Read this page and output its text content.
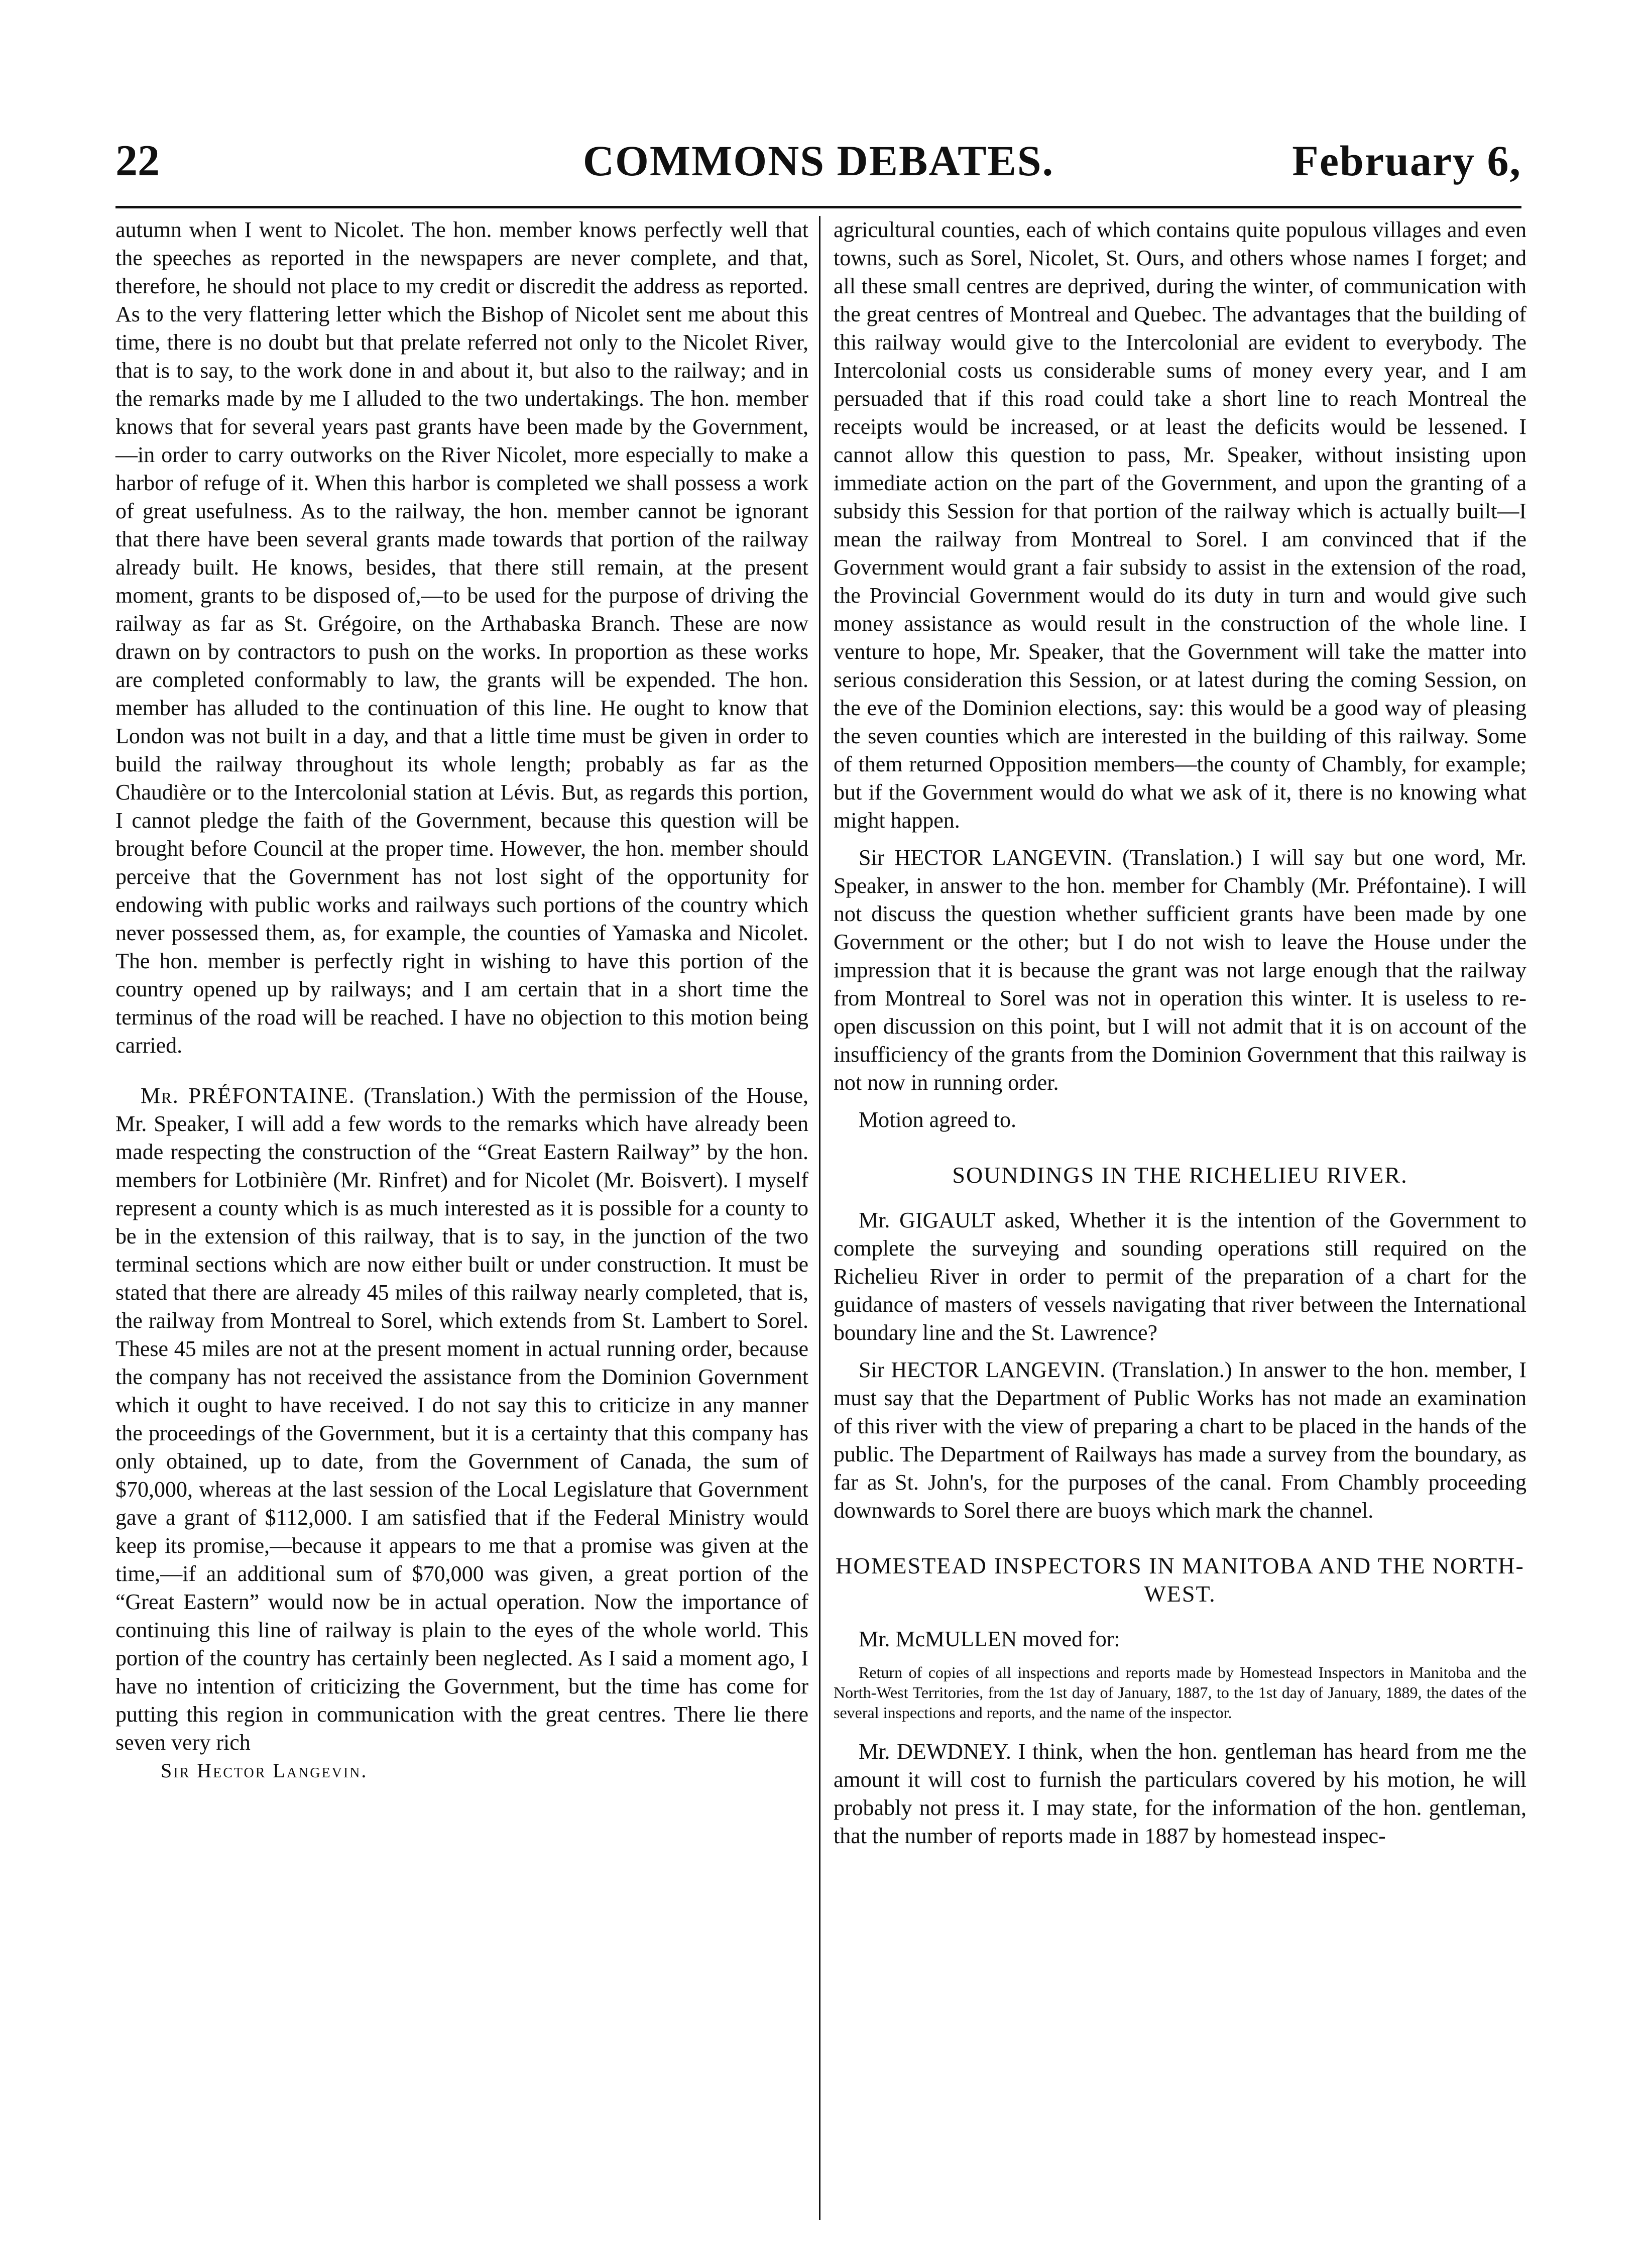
22	COMMONS DEBATES.	February 6,

autumn when I went to Nicolet. The hon. member knows perfectly well that the speeches as reported in the newspapers are never complete, and that, therefore, he should not place to my credit or discredit the address as reported. As to the very flattering letter which the Bishop of Nicolet sent me about this time, there is no doubt but that prelate referred not only to the Nicolet River, that is to say, to the work done in and about it, but also to the railway; and in the remarks made by me I alluded to the two undertakings. The hon. member knows that for several years past grants have been made by the Government,—in order to carry outworks on the River Nicolet, more especially to make a harbor of refuge of it. When this harbor is completed we shall possess a work of great usefulness. As to the railway, the hon. member cannot be ignorant that there have been several grants made towards that portion of the railway already built. He knows, besides, that there still remain, at the present moment, grants to be disposed of,—to be used for the purpose of driving the railway as far as St. Grégoire, on the Arthabaska Branch. These are now drawn on by contractors to push on the works. In proportion as these works are completed conformably to law, the grants will be expended. The hon. member has alluded to the continuation of this line. He ought to know that London was not built in a day, and that a little time must be given in order to build the railway throughout its whole length; probably as far as the Chaudière or to the Intercolonial station at Lévis. But, as regards this portion, I cannot pledge the faith of the Government, because this question will be brought before Council at the proper time. However, the hon. member should perceive that the Government has not lost sight of the opportunity for endowing with public works and railways such portions of the country which never possessed them, as, for example, the counties of Yamaska and Nicolet. The hon. member is perfectly right in wishing to have this portion of the country opened up by railways; and I am certain that in a short time the terminus of the road will be reached. I have no objection to this motion being carried.

Mr. PRÉFONTAINE. (Translation.) With the permission of the House, Mr. Speaker, I will add a few words to the remarks which have already been made respecting the construction of the “Great Eastern Railway” by the hon. members for Lotbinière (Mr. Rinfret) and for Nicolet (Mr. Boisvert). I myself represent a county which is as much interested as it is possible for a county to be in the extension of this railway, that is to say, in the junction of the two terminal sections which are now either built or under construction. It must be stated that there are already 45 miles of this railway nearly completed, that is, the railway from Montreal to Sorel, which extends from St. Lambert to Sorel. These 45 miles are not at the present moment in actual running order, because the company has not received the assistance from the Dominion Government which it ought to have received. I do not say this to criticize in any manner the proceedings of the Government, but it is a certainty that this company has only obtained, up to date, from the Government of Canada, the sum of $70,000, whereas at the last session of the Local Legislature that Government gave a grant of $112,000. I am satisfied that if the Federal Ministry would keep its promise,—because it appears to me that a promise was given at the time,—if an additional sum of $70,000 was given, a great portion of the “Great Eastern” would now be in actual operation. Now the importance of continuing this line of railway is plain to the eyes of the whole world. This portion of the country has certainly been neglected. As I said a moment ago, I have no intention of criticizing the Government, but the time has come for putting this region in communication with the great centres. There lie there seven very rich

Sir Hector Langevin.

agricultural counties, each of which contains quite populous villages and even towns, such as Sorel, Nicolet, St. Ours, and others whose names I forget; and all these small centres are deprived, during the winter, of communication with the great centres of Montreal and Quebec. The advantages that the building of this railway would give to the Intercolonial are evident to everybody. The Intercolonial costs us considerable sums of money every year, and I am persuaded that if this road could take a short line to reach Montreal the receipts would be increased, or at least the deficits would be lessened. I cannot allow this question to pass, Mr. Speaker, without insisting upon immediate action on the part of the Government, and upon the granting of a subsidy this Session for that portion of the railway which is actually built—I mean the railway from Montreal to Sorel. I am convinced that if the Government would grant a fair subsidy to assist in the extension of the road, the Provincial Government would do its duty in turn and would give such money assistance as would result in the construction of the whole line. I venture to hope, Mr. Speaker, that the Government will take the matter into serious consideration this Session, or at latest during the coming Session, on the eve of the Dominion elections, say: this would be a good way of pleasing the seven counties which are interested in the building of this railway. Some of them returned Opposition members—the county of Chambly, for example; but if the Government would do what we ask of it, there is no knowing what might happen.

Sir HECTOR LANGEVIN. (Translation.) I will say but one word, Mr. Speaker, in answer to the hon. member for Chambly (Mr. Préfontaine). I will not discuss the question whether sufficient grants have been made by one Government or the other; but I do not wish to leave the House under the impression that it is because the grant was not large enough that the railway from Montreal to Sorel was not in operation this winter. It is useless to re-open discussion on this point, but I will not admit that it is on account of the insufficiency of the grants from the Dominion Government that this railway is not now in running order.

Motion agreed to.

SOUNDINGS IN THE RICHELIEU RIVER.

Mr. GIGAULT asked, Whether it is the intention of the Government to complete the surveying and sounding operations still required on the Richelieu River in order to permit of the preparation of a chart for the guidance of masters of vessels navigating that river between the International boundary line and the St. Lawrence?

Sir HECTOR LANGEVIN. (Translation.) In answer to the hon. member, I must say that the Department of Public Works has not made an examination of this river with the view of preparing a chart to be placed in the hands of the public. The Department of Railways has made a survey from the boundary, as far as St. John's, for the purposes of the canal. From Chambly proceeding downwards to Sorel there are buoys which mark the channel.

HOMESTEAD INSPECTORS IN MANITOBA AND THE NORTH-WEST.

Mr. McMULLEN moved for:

Return of copies of all inspections and reports made by Homestead Inspectors in Manitoba and the North-West Territories, from the 1st day of January, 1887, to the 1st day of January, 1889, the dates of the several inspections and reports, and the name of the inspector.

Mr. DEWDNEY. I think, when the hon. gentleman has heard from me the amount it will cost to furnish the particulars covered by his motion, he will probably not press it. I may state, for the information of the hon. gentleman, that the number of reports made in 1887 by homestead inspec-
